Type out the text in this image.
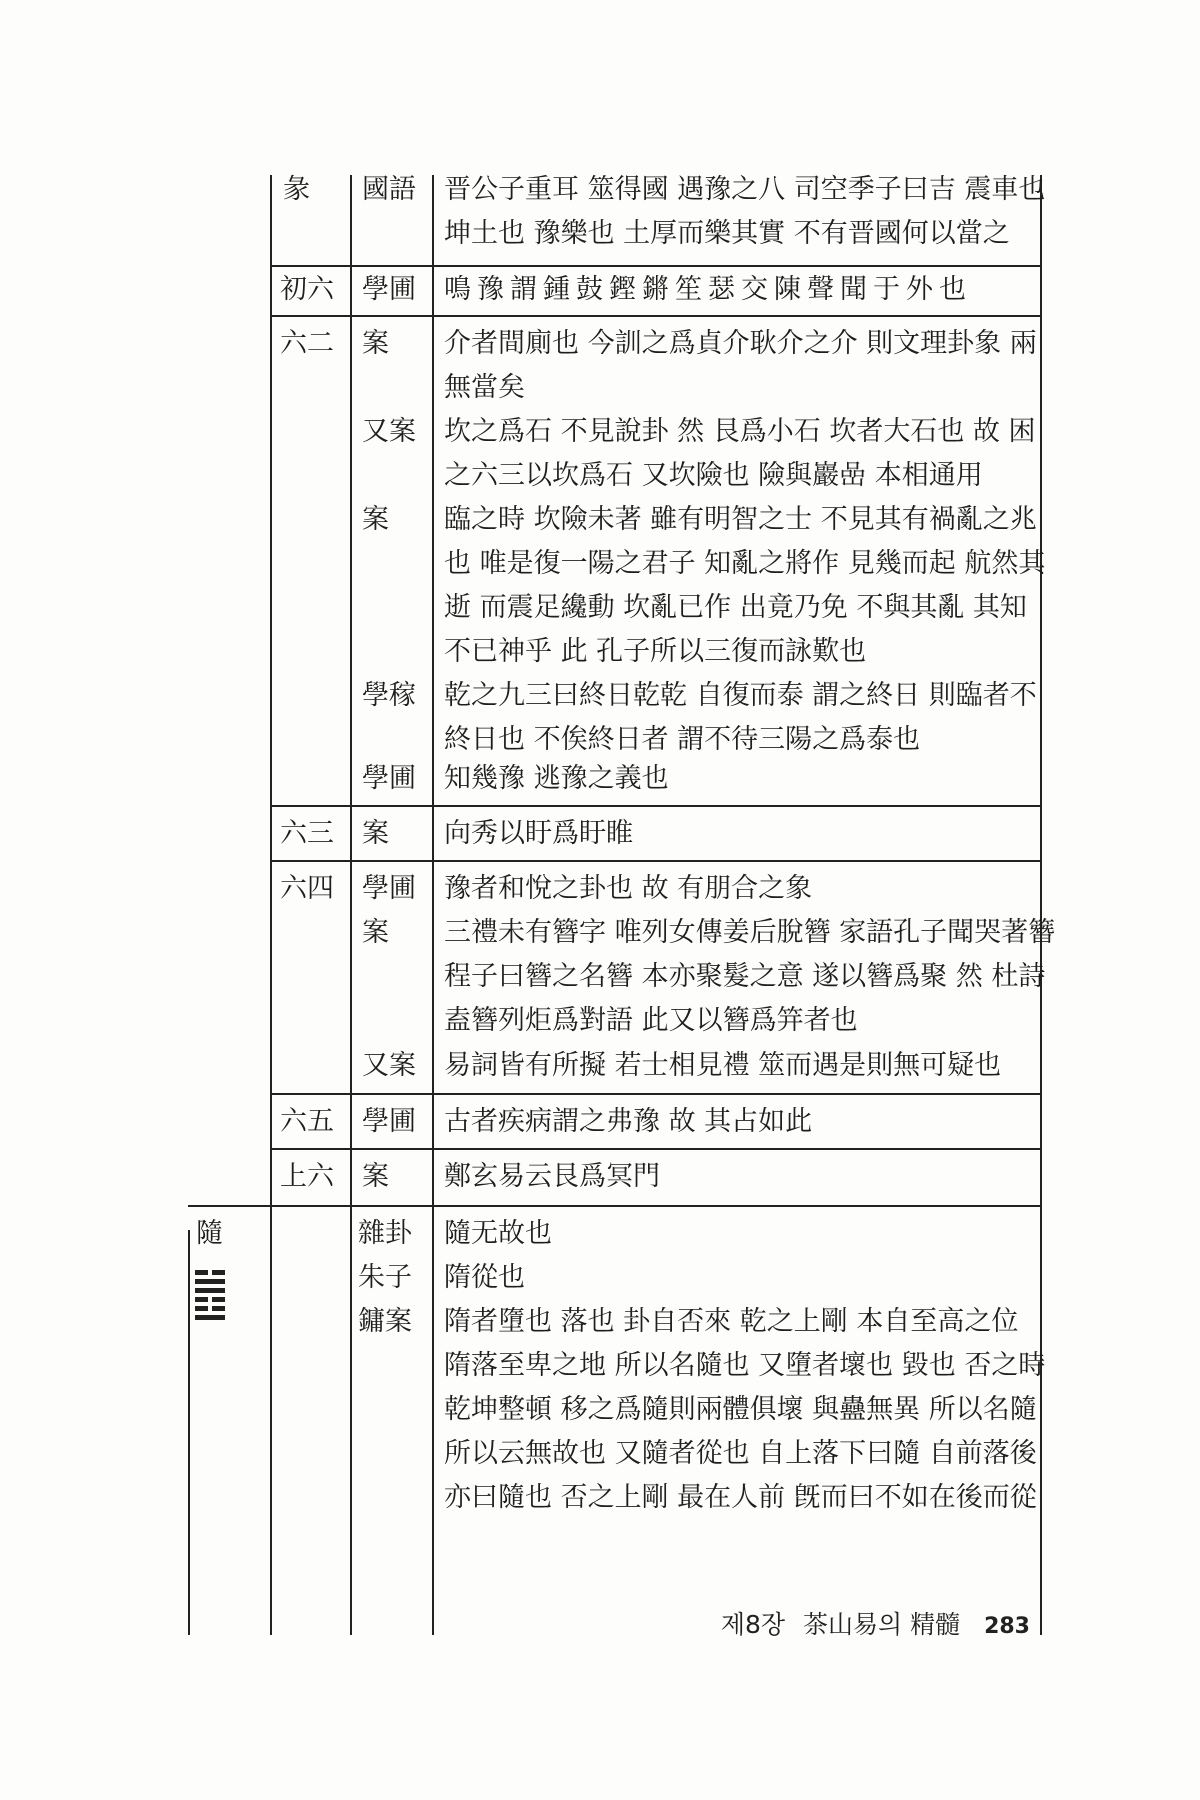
彖 國語 晋公子重耳 筮得國 遇豫之八 司空季子曰吉 震車也
坤土也 豫樂也 土厚而樂其實 不有晋國何以當之
初六 學圃 鳴豫謂鍾鼓鏗鏘笙瑟交陳聲聞于外也
六二 案 介者間廁也 今訓之爲貞介耿介之介 則文理卦象 兩
無當矣
又案 坎之爲石 不見說卦 然 艮爲小石 坎者大石也 故 困
之六三以坎爲石 又坎險也 險與巖嵒 本相通用
案 臨之時 坎險未著 雖有明智之士 不見其有禍亂之兆
也 唯是復一陽之君子 知亂之將作 見幾而起 航然其
逝 而震足纔動 坎亂已作 出竟乃免 不與其亂 其知
不已神乎 此 孔子所以三復而詠歎也
學稼 乾之九三曰終日乾乾 自復而泰 謂之終日 則臨者不
終日也 不俟終日者 謂不待三陽之爲泰也
學圃 知幾豫 逃豫之義也
六三 案 向秀以盱爲盱睢
六四 學圃 豫者和悅之卦也 故 有朋合之象
案 三禮未有簪字 唯列女傳姜后脫簪 家語孔子聞哭著簪
程子曰簪之名簪 本亦聚髮之意 遂以簪爲聚 然 杜詩
盍簪列炬爲對語 此又以簪爲笄者也
又案 易詞皆有所擬 若士相見禮 筮而遇是則無可疑也
六五 學圃 古者疾病謂之弗豫 故 其占如此
上六 案 鄭玄易云艮爲冥門
隨	雜卦 隨无故也
朱子 隋從也
鏞案 隋者墮也 落也 卦自否來 乾之上剛 本自至高之位
隋落至卑之地 所以名隨也 又墮者壞也 毀也 否之時
乾坤整頓 移之爲隨則兩體俱壞 與蠱無異 所以名隨
所以云無故也 又隨者從也 自上落下曰隨 自前落後
亦曰隨也 否之上剛 最在人前 旣而曰不如在後而從
제8장 茶山易의 精髓 283
